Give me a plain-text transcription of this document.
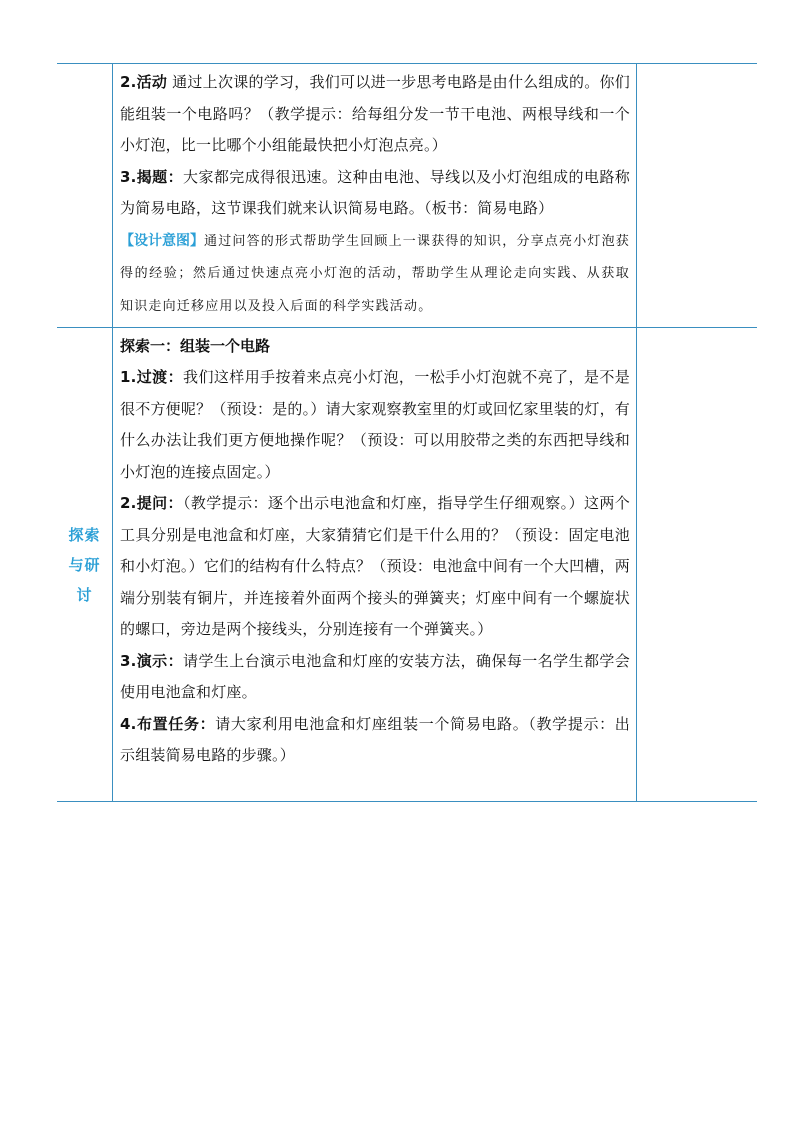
	2.活动 通过上次课的学习，我们可以进一步思考电路是由什么组成的。你们能组装一个电路吗？（教学提示：给每组分发一节干电池、两根导线和一个小灯泡，比一比哪个小组能最快把小灯泡点亮。）

3.揭题：大家都完成得很迅速。这种由电池、导线以及小灯泡组成的电路称为简易电路，这节课我们就来认识简易电路。（板书：简易电路）

【设计意图】通过问答的形式帮助学生回顾上一课获得的知识，分享点亮小灯泡获得的经验；然后通过快速点亮小灯泡的活动，帮助学生从理论走向实践、从获取知识走向迁移应用以及投入后面的科学实践活动。	

探索与研讨	探索一：组装一个电路

1.过渡：我们这样用手按着来点亮小灯泡，一松手小灯泡就不亮了，是不是很不方便呢？（预设：是的。）请大家观察教室里的灯或回忆家里装的灯，有什么办法让我们更方便地操作呢？（预设：可以用胶带之类的东西把导线和小灯泡的连接点固定。）

2.提问：（教学提示：逐个出示电池盒和灯座，指导学生仔细观察。）这两个工具分别是电池盒和灯座，大家猜猜它们是干什么用的？（预设：固定电池和小灯泡。）它们的结构有什么特点？（预设：电池盒中间有一个大凹槽，两端分别装有铜片，并连接着外面两个接头的弹簧夹；灯座中间有一个螺旋状的螺口，旁边是两个接线头，分别连接有一个弹簧夹。）

3.演示：请学生上台演示电池盒和灯座的安装方法，确保每一名学生都学会使用电池盒和灯座。

4.布置任务：请大家利用电池盒和灯座组装一个简易电路。（教学提示：出示组装简易电路的步骤。）	
